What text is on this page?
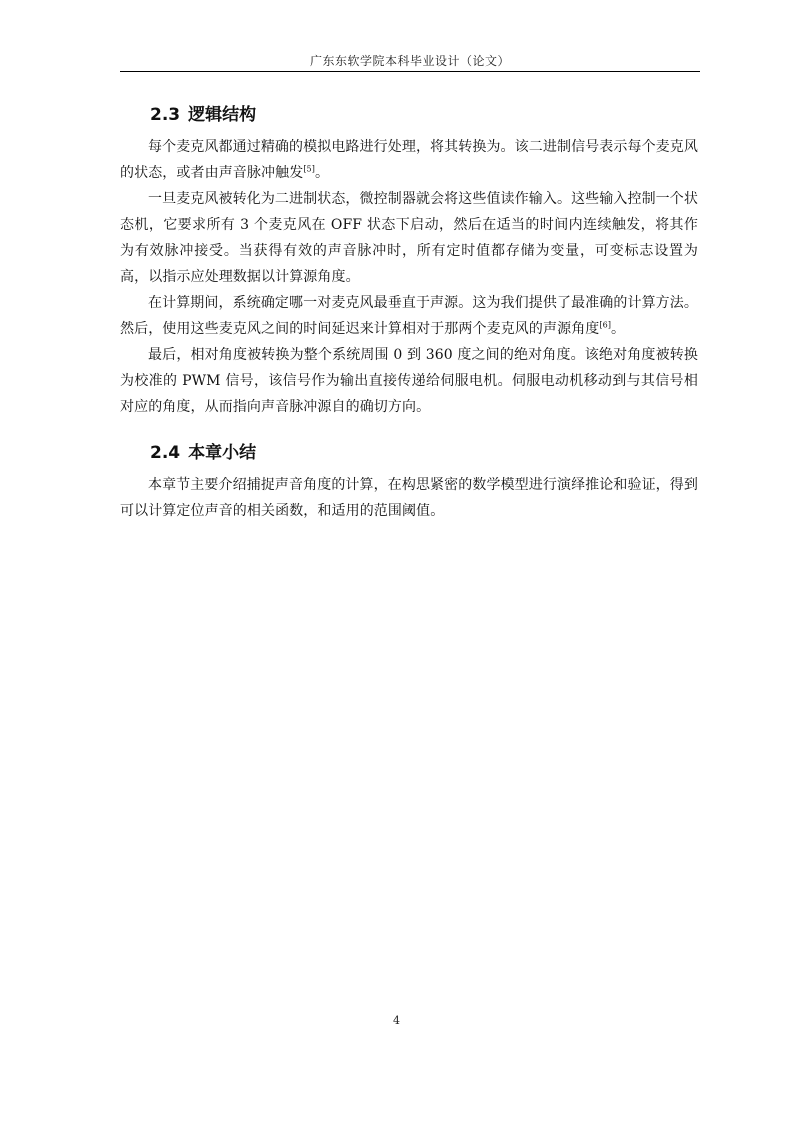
广东东软学院本科毕业设计（论文）
2.3 逻辑结构

每个麦克风都通过精确的模拟电路进行处理，将其转换为。该二进制信号表示每个麦克风的状态，或者由声音脉冲触发[5]。

一旦麦克风被转化为二进制状态，微控制器就会将这些值读作输入。这些输入控制一个状态机，它要求所有 3 个麦克风在 OFF 状态下启动，然后在适当的时间内连续触发，将其作为有效脉冲接受。当获得有效的声音脉冲时，所有定时值都存储为变量，可变标志设置为高，以指示应处理数据以计算源角度。

在计算期间，系统确定哪一对麦克风最垂直于声源。这为我们提供了最准确的计算方法。然后，使用这些麦克风之间的时间延迟来计算相对于那两个麦克风的声源角度[6]。

最后，相对角度被转换为整个系统周围 0 到 360 度之间的绝对角度。该绝对角度被转换为校准的 PWM 信号，该信号作为输出直接传递给伺服电机。伺服电动机移动到与其信号相对应的角度，从而指向声音脉冲源自的确切方向。

2.4 本章小结

本章节主要介绍捕捉声音角度的计算，在构思紧密的数学模型进行演绎推论和验证，得到可以计算定位声音的相关函数，和适用的范围阈值。

4
